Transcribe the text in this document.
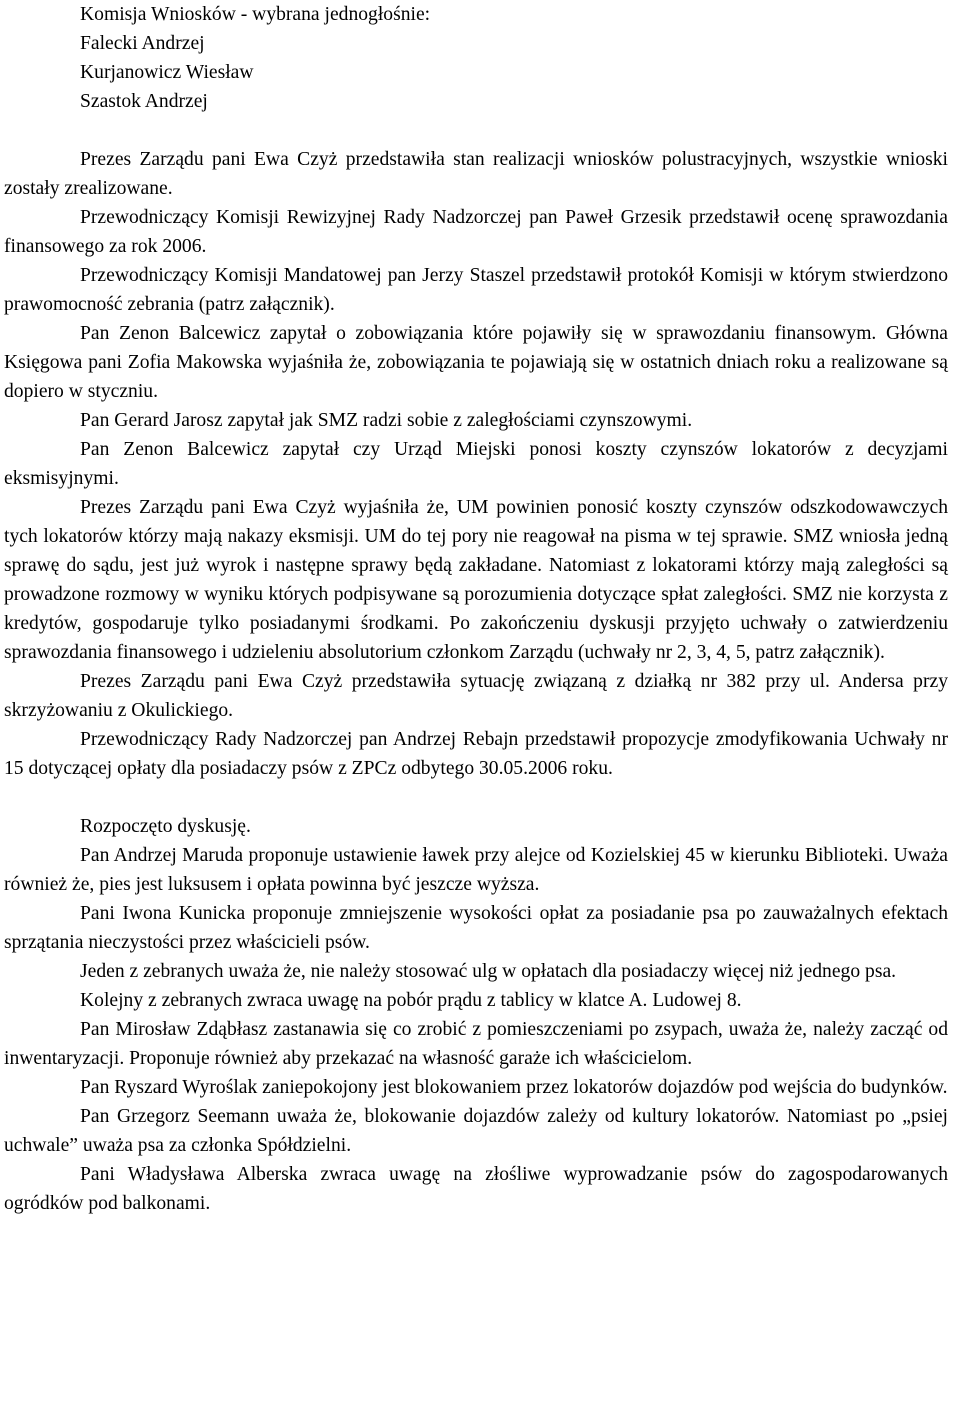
Komisja Wniosków - wybrana jednogłośnie:
Falecki Andrzej
Kurjanowicz Wiesław
Szastok Andrzej

Prezes Zarządu pani Ewa Czyż przedstawiła stan realizacji wniosków polustracyjnych, wszystkie wnioski zostały zrealizowane.

Przewodniczący Komisji Rewizyjnej Rady Nadzorczej pan Paweł Grzesik przedstawił ocenę sprawozdania finansowego za rok 2006.

Przewodniczący Komisji Mandatowej pan Jerzy Staszel przedstawił protokół Komisji w którym stwierdzono prawomocność zebrania (patrz załącznik).

Pan Zenon Balcewicz zapytał o zobowiązania które pojawiły się w sprawozdaniu finansowym. Główna Księgowa pani Zofia Makowska wyjaśniła że, zobowiązania te pojawiają się w ostatnich dniach roku a realizowane są dopiero w styczniu.

Pan Gerard Jarosz zapytał jak SMZ radzi sobie z zaległościami czynszowymi.

Pan Zenon Balcewicz zapytał czy Urząd Miejski ponosi koszty czynszów lokatorów z decyzjami eksmisyjnymi.

Prezes Zarządu pani Ewa Czyż wyjaśniła że, UM powinien ponosić koszty czynszów odszkodowawczych tych lokatorów którzy mają nakazy eksmisji. UM do tej pory nie reagował na pisma w tej sprawie. SMZ wniosła jedną sprawę do sądu, jest już wyrok i następne sprawy będą zakładane. Natomiast z lokatorami którzy mają zaległości są prowadzone rozmowy w wyniku których podpisywane są porozumienia dotyczące spłat zaległości. SMZ nie korzysta z kredytów, gospodaruje tylko posiadanymi środkami. Po zakończeniu dyskusji przyjęto uchwały o zatwierdzeniu sprawozdania finansowego i udzieleniu absolutorium członkom Zarządu (uchwały nr 2, 3, 4, 5, patrz załącznik).

Prezes Zarządu pani Ewa Czyż przedstawiła sytuację związaną z działką nr 382 przy ul. Andersa przy skrzyżowaniu z Okulickiego.

Przewodniczący Rady Nadzorczej pan Andrzej Rebajn przedstawił propozycje zmodyfikowania Uchwały nr 15 dotyczącej opłaty dla posiadaczy psów z ZPCz odbytego 30.05.2006 roku.

Rozpoczęto dyskusję.

Pan Andrzej Maruda proponuje ustawienie ławek przy alejce od Kozielskiej 45 w kierunku Biblioteki. Uważa również że, pies jest luksusem i opłata powinna być jeszcze wyższa.

Pani Iwona Kunicka proponuje zmniejszenie wysokości opłat za posiadanie psa po zauważalnych efektach sprzątania nieczystości przez właścicieli psów.

Jeden z zebranych uważa że, nie należy stosować ulg w opłatach dla posiadaczy więcej niż jednego psa.

Kolejny z zebranych zwraca uwagę na pobór prądu z tablicy w klatce A. Ludowej 8.

Pan Mirosław Zdąbłasz zastanawia się co zrobić z pomieszczeniami po zsypach, uważa że, należy zacząć od inwentaryzacji. Proponuje również aby przekazać na własność garaże ich właścicielom.

Pan Ryszard Wyroślak zaniepokojony jest blokowaniem przez lokatorów dojazdów pod wejścia do budynków.

Pan Grzegorz Seemann uważa że, blokowanie dojazdów zależy od kultury lokatorów. Natomiast po „psiej uchwale” uważa psa za członka Spółdzielni.

Pani Władysława Alberska zwraca uwagę na złośliwe wyprowadzanie psów do zagospodarowanych ogródków pod balkonami.
